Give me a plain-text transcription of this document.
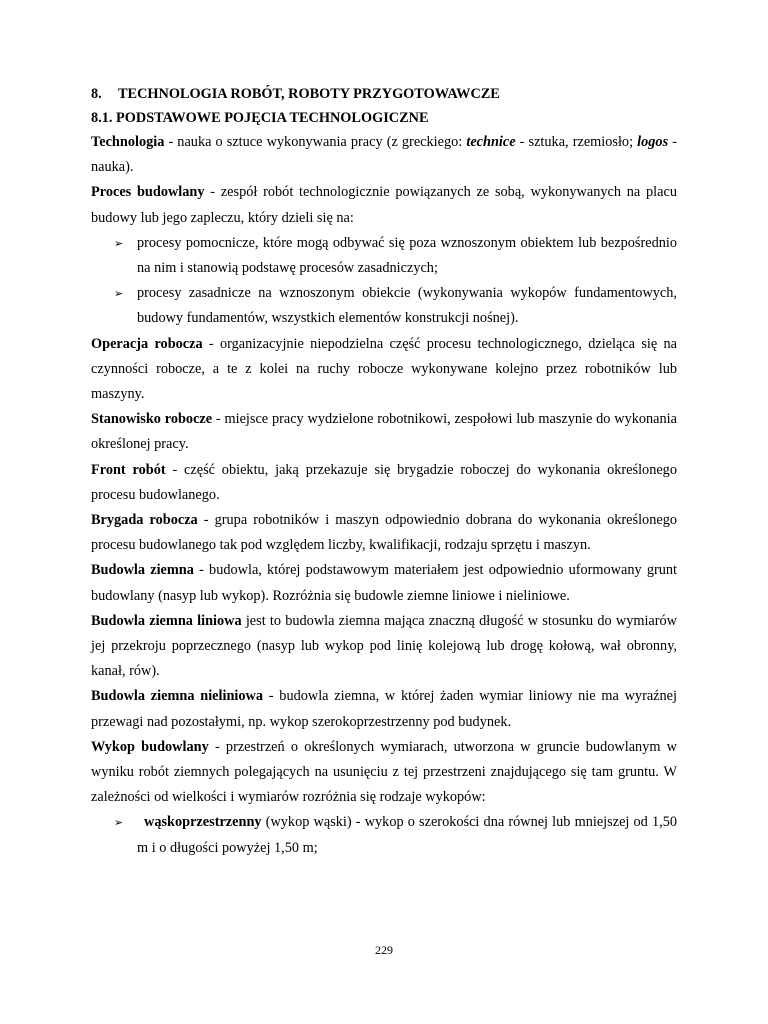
8.	TECHNOLOGIA ROBÓT, ROBOTY PRZYGOTOWAWCZE
8.1. PODSTAWOWE POJĘCIA TECHNOLOGICZNE

Technologia - nauka o sztuce wykonywania pracy (z greckiego: technice - sztuka, rzemiosło; logos - nauka).

Proces budowlany - zespół robót technologicznie powiązanych ze sobą, wykonywanych na placu budowy lub jego zapleczu, który dzieli się na:

➢ procesy pomocnicze, które mogą odbywać się poza wznoszonym obiektem lub bezpośrednio na nim i stanowią podstawę procesów zasadniczych;
➢ procesy zasadnicze na wznoszonym obiekcie (wykonywania wykopów fundamentowych, budowy fundamentów, wszystkich elementów konstrukcji nośnej).

Operacja robocza - organizacyjnie niepodzielna część procesu technologicznego, dzieląca się na czynności robocze, a te z kolei na ruchy robocze wykonywane kolejno przez robotników lub maszyny.

Stanowisko robocze - miejsce pracy wydzielone robotnikowi, zespołowi lub maszynie do wykonania określonej pracy.

Front robót - część obiektu, jaką przekazuje się brygadzie roboczej do wykonania określonego procesu budowlanego.

Brygada robocza - grupa robotników i maszyn odpowiednio dobrana do wykonania określonego procesu budowlanego tak pod względem liczby, kwalifikacji, rodzaju sprzętu i maszyn.

Budowla ziemna - budowla, której podstawowym materiałem jest odpowiednio uformowany grunt budowlany (nasyp lub wykop). Rozróżnia się budowle ziemne liniowe i nieliniowe.

Budowla ziemna liniowa jest to budowla ziemna mająca znaczną długość w stosunku do wymiarów jej przekroju poprzecznego (nasyp lub wykop pod linię kolejową lub drogę kołową, wał obronny, kanał, rów).

Budowla ziemna nieliniowa - budowla ziemna, w której żaden wymiar liniowy nie ma wyraźnej przewagi nad pozostałymi, np. wykop szerokoprzestrzenny pod budynek.

Wykop budowlany - przestrzeń o określonych wymiarach, utworzona w gruncie budowlanym w wyniku robót ziemnych polegających na usunięciu z tej przestrzeni znajdującego się tam gruntu. W zależności od wielkości i wymiarów rozróżnia się rodzaje wykopów:

➢ wąskoprzestrzenny (wykop wąski) - wykop o szerokości dna równej lub mniejszej od 1,50 m i o długości powyżej 1,50 m;
229
